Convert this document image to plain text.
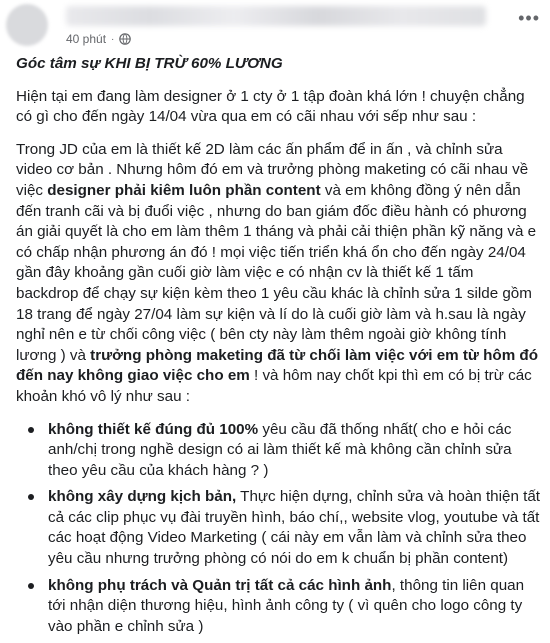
40 phút ·
•••
Góc tâm sự KHI BỊ TRỪ 60% LƯƠNG
Hiện tại em đang làm designer ở 1 cty ở 1 tập đoàn khá lớn ! chuyện chẳng có gì cho đến ngày 14/04 vừa qua em có cãi nhau với sếp như sau :
Trong JD của em là thiết kế 2D làm các ấn phẩm để in ấn , và chỉnh sửa video cơ bản . Nhưng hôm đó em và trưởng phòng maketing có cãi nhau về việc designer phải kiêm luôn phần content và em không đồng ý nên dẫn đến tranh cãi và bị đuổi việc , nhưng do ban giám đốc điều hành có phương án giải quyết là cho em làm thêm 1 tháng và phải cải thiện phần kỹ năng và e có chấp nhận phương án đó ! mọi việc tiến triển khá ổn cho đến ngày 24/04 gần đây khoảng gần cuối giờ làm việc e có nhận cv là thiết kế 1 tấm backdrop để chạy sự kiện kèm theo 1 yêu cầu khác là chỉnh sửa 1 silde gồm 18 trang để ngày 27/04 làm sự kiện và lí do là cuối giờ làm và h.sau là ngày nghỉ nên e từ chối công việc ( bên cty này làm thêm ngoài giờ không tính lương ) và trưởng phòng maketing đã từ chối làm việc với em từ hôm đó đến nay không giao việc cho em ! và hôm nay chốt kpi thì em có bị trừ các khoản khó vô lý như sau :
không thiết kế đúng đủ 100% yêu cầu đã thống nhất( cho e hỏi các anh/chị trong nghề design có ai làm thiết kế mà không cần chỉnh sửa theo yêu cầu của khách hàng ? )
không xây dựng kịch bản, Thực hiện dựng, chỉnh sửa và hoàn thiện tất cả các clip phục vụ đài truyền hình, báo chí,, website vlog, youtube và tất các hoạt động Video Marketing ( cái này em vẫn làm và chỉnh sửa theo yêu cầu nhưng trưởng phòng có nói do em k chuẩn bị phần content)
không phụ trách và Quản trị tất cả các hình ảnh, thông tin liên quan tới nhận diện thương hiệu, hình ảnh công ty ( vì quên cho logo công ty vào phần e chỉnh sửa )
